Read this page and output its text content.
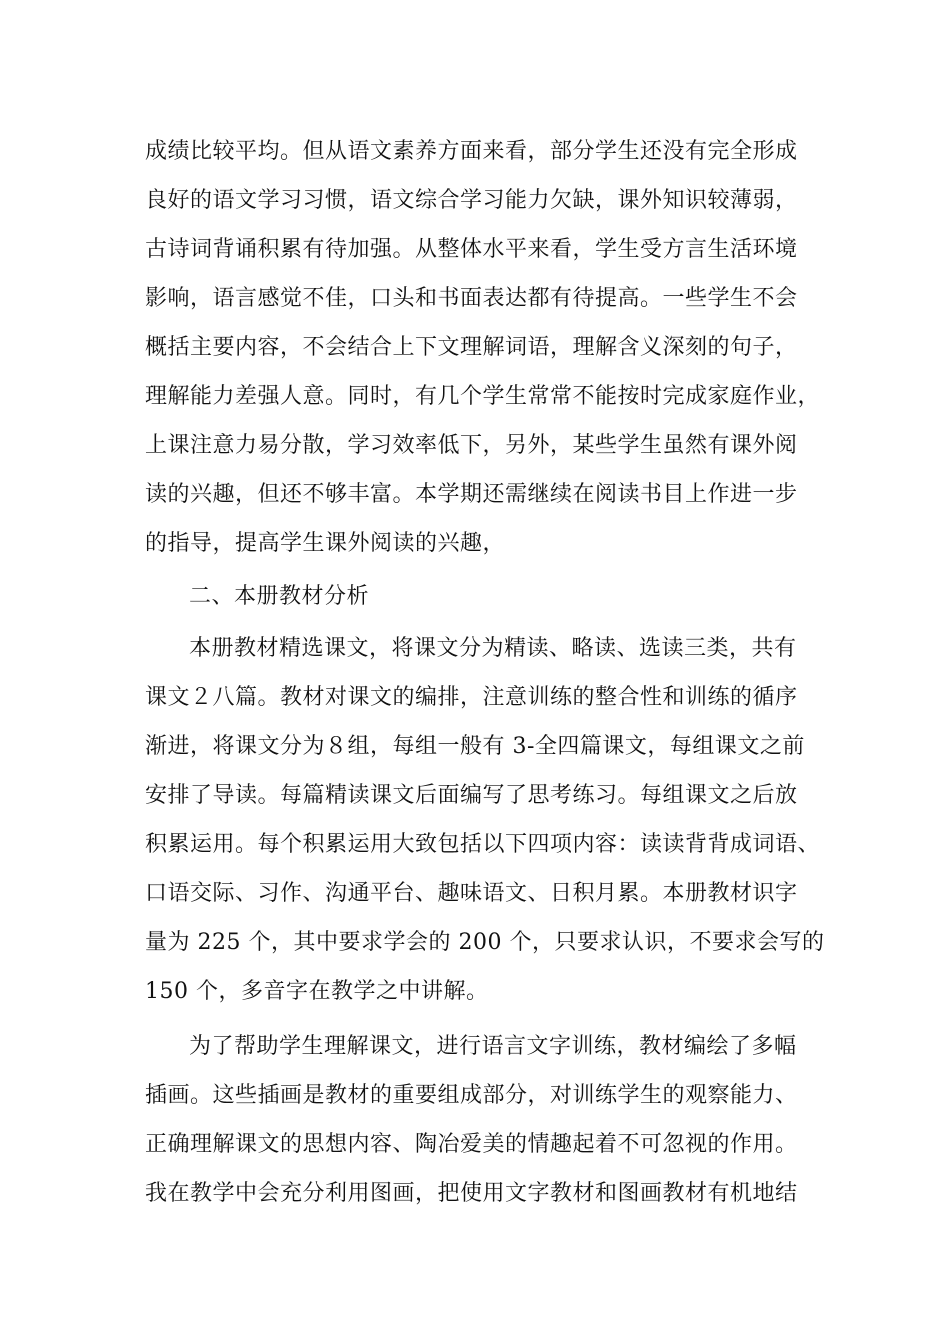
成绩比较平均。但从语文素养方面来看，部分学生还没有完全形成
良好的语文学习习惯，语文综合学习能力欠缺，课外知识较薄弱，
古诗词背诵积累有待加强。从整体水平来看，学生受方言生活环境
影响，语言感觉不佳，口头和书面表达都有待提高。一些学生不会
概括主要内容，不会结合上下文理解词语，理解含义深刻的句子，
理解能力差强人意。同时，有几个学生常常不能按时完成家庭作业，
上课注意力易分散，学习效率低下，另外，某些学生虽然有课外阅
读的兴趣，但还不够丰富。本学期还需继续在阅读书目上作进一步
的指导，提高学生课外阅读的兴趣，
二、本册教材分析
本册教材精选课文，将课文分为精读、略读、选读三类，共有
课文２八篇。教材对课文的编排，注意训练的整合性和训练的循序
渐进，将课文分为８组，每组一般有 3-全四篇课文，每组课文之前
安排了导读。每篇精读课文后面编写了思考练习。每组课文之后放
积累运用。每个积累运用大致包括以下四项内容：读读背背成词语、
口语交际、习作、沟通平台、趣味语文、日积月累。本册教材识字
量为 225 个，其中要求学会的 200 个，只要求认识，不要求会写的
150 个，多音字在教学之中讲解。
为了帮助学生理解课文，进行语言文字训练，教材编绘了多幅
插画。这些插画是教材的重要组成部分，对训练学生的观察能力、
正确理解课文的思想内容、陶冶爱美的情趣起着不可忽视的作用。
我在教学中会充分利用图画，把使用文字教材和图画教材有机地结
